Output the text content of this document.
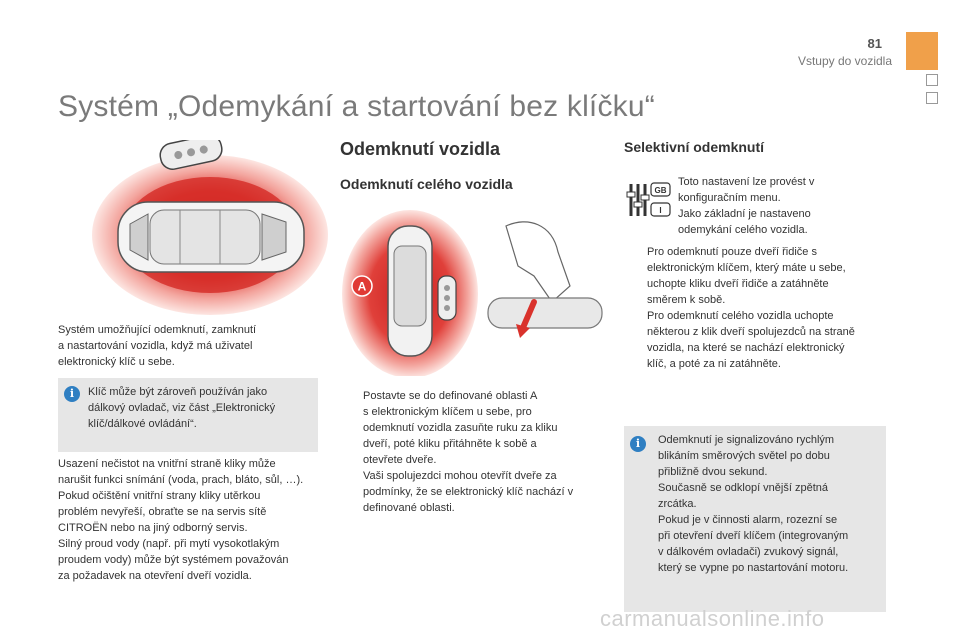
81
Vstupy do vozidla
Systém „Odemykání a startování bez klíčku“
Systém umožňující odemknutí, zamknutí
a nastartování vozidla, když má uživatel
elektronický klíč u sebe.
i	Klíč může být zároveň používán jako
dálkový ovladač, viz část „Elektronický
klíč/dálkové ovládání“.
Usazení nečistot na vnitřní straně kliky může
narušit funkci snímání (voda, prach, bláto, sůl, …).
Pokud očištění vnitřní strany kliky utěrkou
problém nevyřeší, obraťte se na servis sítě
CITROËN nebo na jiný odborný servis.
Silný proud vody (např. při mytí vysokotlakým
proudem vody) může být systémem považován
za požadavek na otevření dveří vozidla.
Odemknutí vozidla
Odemknutí celého vozidla
A
Postavte se do definované oblasti A
s elektronickým klíčem u sebe, pro
odemknutí vozidla zasuňte ruku za kliku
dveří, poté kliku přitáhněte k sobě a
otevřete dveře.
Vaši spolujezdci mohou otevřít dveře za
podmínky, že se elektronický klíč nachází v
definované oblasti.
Selektivní odemknutí
GB
I
Toto nastavení lze provést v
konfiguračním menu.
Jako základní je nastaveno
odemykání celého vozidla.
Pro odemknutí pouze dveří řidiče s
elektronickým klíčem, který máte u sebe,
uchopte kliku dveří řidiče a zatáhněte
směrem k sobě.
Pro odemknutí celého vozidla uchopte
některou z klik dveří spolujezdců na straně
vozidla, na které se nachází elektronický
klíč, a poté za ni zatáhněte.
i	Odemknutí je signalizováno rychlým
blikáním směrových světel po dobu
přibližně dvou sekund.
Současně se odklopí vnější zpětná
zrcátka.
Pokud je v činnosti alarm, rozezní se
při otevření dveří klíčem (integrovaným
v dálkovém ovladači) zvukový signál,
který se vypne po nastartování motoru.
carmanualsonline.info
